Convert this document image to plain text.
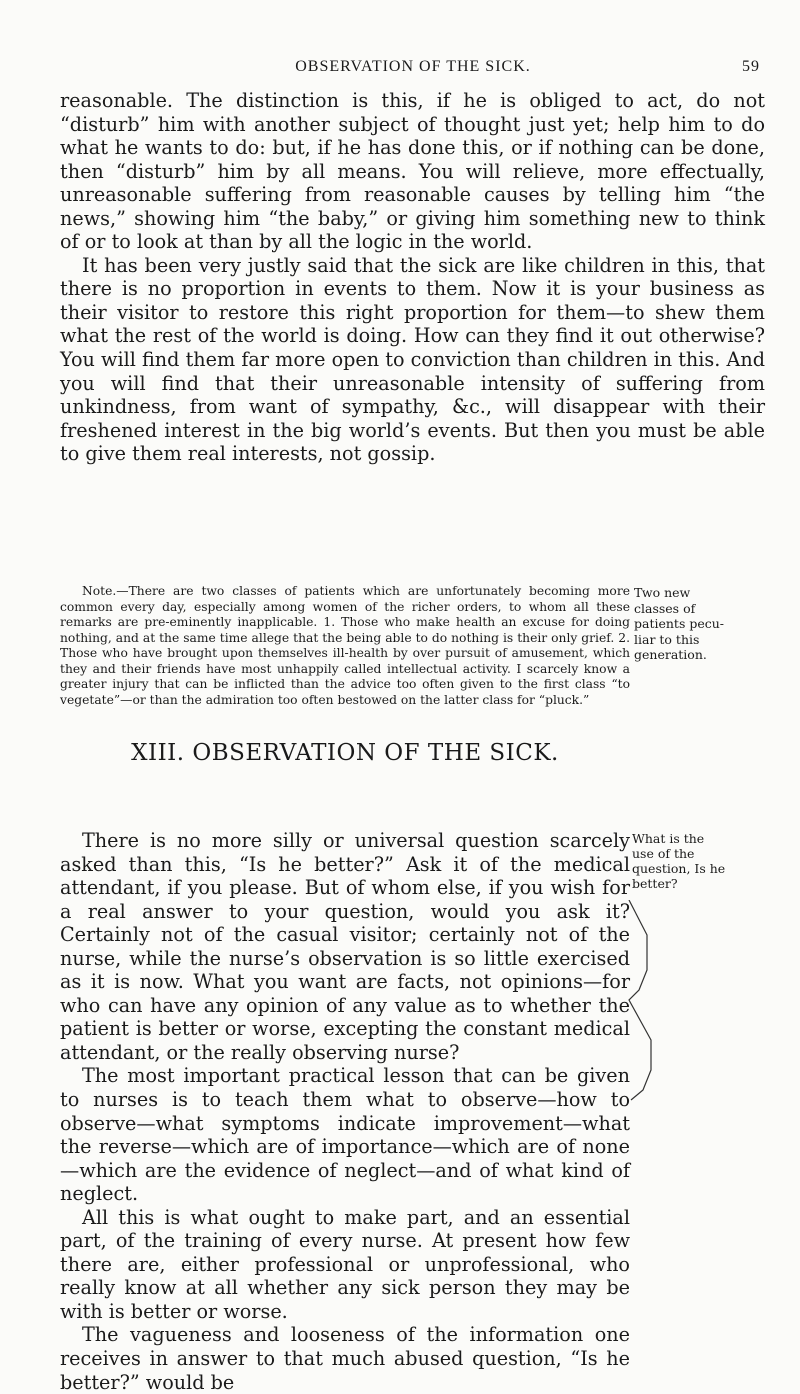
OBSERVATION OF THE SICK.	59

reasonable. The distinction is this, if he is obliged to act, do not “disturb” him with another subject of thought just yet; help him to do what he wants to do: but, if he has done this, or if nothing can be done, then “disturb” him by all means. You will relieve, more effectually, unreasonable suffering from reasonable causes by telling him “the news,” showing him “the baby,” or giving him something new to think of or to look at than by all the logic in the world.

It has been very justly said that the sick are like children in this, that there is no proportion in events to them. Now it is your business as their visitor to restore this right proportion for them—to shew them what the rest of the world is doing. How can they find it out otherwise? You will find them far more open to conviction than children in this. And you will find that their unreasonable intensity of suffering from unkindness, from want of sympathy, &c., will disappear with their freshened interest in the big world’s events. But then you must be able to give them real interests, not gossip.

Note.—There are two classes of patients which are unfortunately becoming more common every day, especially among women of the richer orders, to whom all these remarks are pre-eminently inapplicable. 1. Those who make health an excuse for doing nothing, and at the same time allege that the being able to do nothing is their only grief. 2. Those who have brought upon themselves ill-health by over pursuit of amusement, which they and their friends have most unhappily called intellectual activity. I scarcely know a greater injury that can be inflicted than the advice too often given to the first class “to vegetate”—or than the admiration too often bestowed on the latter class for “pluck.”

Two new
classes of
patients pecu-
liar to this
generation.
XIII. OBSERVATION OF THE SICK.

There is no more silly or universal question scarcely asked than this, “Is he better?” Ask it of the medical attendant, if you please. But of whom else, if you wish for a real answer to your question, would you ask it? Certainly not of the casual visitor; certainly not of the nurse, while the nurse’s observation is so little exercised as it is now. What you want are facts, not opinions—for who can have any opinion of any value as to whether the patient is better or worse, excepting the constant medical attendant, or the really observing nurse?

The most important practical lesson that can be given to nurses is to teach them what to observe—how to observe—what symptoms indicate improvement—what the reverse—which are of importance—which are of none—which are the evidence of neglect—and of what kind of neglect.

All this is what ought to make part, and an essential part, of the training of every nurse. At present how few there are, either professional or unprofessional, who really know at all whether any sick person they may be with is better or worse.

The vagueness and looseness of the information one receives in answer to that much abused question, “Is he better?” would be

What is the
use of the
question, Is he
better?
